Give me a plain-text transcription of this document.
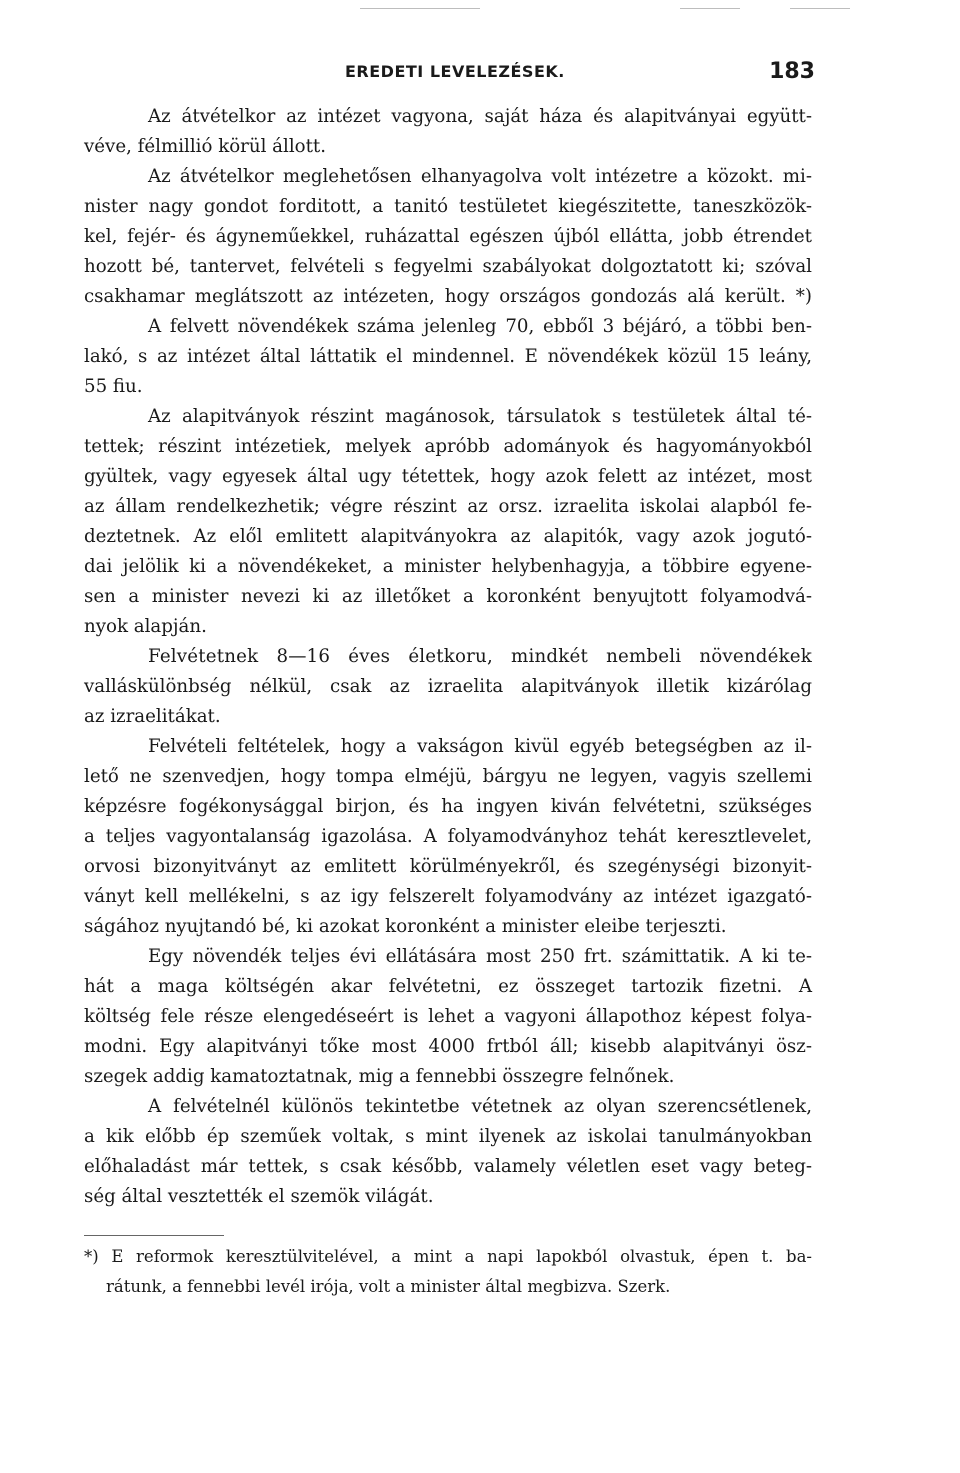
EREDETI LEVELEZÉSEK.	183
Az átvételkor az intézet vagyona, saját háza és alapitványai együtt-
véve, félmillió körül állott.
Az átvételkor meglehetősen elhanyagolva volt intézetre a közokt. mi-
nister nagy gondot forditott, a tanitó testületet kiegészitette, taneszközök-
kel, fejér- és ágyneműekkel, ruházattal egészen újból ellátta, jobb étrendet
hozott bé, tantervet, felvételi s fegyelmi szabályokat dolgoztatott ki; szóval
csakhamar meglátszott az intézeten, hogy országos gondozás alá került. *)
A felvett növendékek száma jelenleg 70, ebből 3 béjáró, a többi ben-
lakó, s az intézet által láttatik el mindennel. E növendékek közül 15 leány,
55 fiu.
Az alapitványok részint magánosok, társulatok s testületek által té-
tettek; részint intézetiek, melyek apróbb adományok és hagyományokból
gyültek, vagy egyesek által ugy tétettek, hogy azok felett az intézet, most
az állam rendelkezhetik; végre részint az orsz. izraelita iskolai alapból fe-
deztetnek. Az elől emlitett alapitványokra az alapitók, vagy azok jogutó-
dai jelölik ki a növendékeket, a minister helybenhagyja, a többire egyene-
sen a minister nevezi ki az illetőket a koronként benyujtott folyamodvá-
nyok alapján.
Felvétetnek 8—16 éves életkoru, mindkét nembeli növendékek
valláskülönbség nélkül, csak az izraelita alapitványok illetik kizárólag
az izraelitákat.
Felvételi feltételek, hogy a vakságon kivül egyéb betegségben az il-
lető ne szenvedjen, hogy tompa elméjü, bárgyu ne legyen, vagyis szellemi
képzésre fogékonysággal birjon, és ha ingyen kiván felvétetni, szükséges
a teljes vagyontalanság igazolása. A folyamodványhoz tehát keresztlevelet,
orvosi bizonyitványt az emlitett körülményekről, és szegénységi bizonyit-
ványt kell mellékelni, s az igy felszerelt folyamodvány az intézet igazgató-
ságához nyujtandó bé, ki azokat koronként a minister eleibe terjeszti.
Egy növendék teljes évi ellátására most 250 frt. számittatik. A ki te-
hát a maga költségén akar felvétetni, ez összeget tartozik fizetni. A
költség fele része elengedéseért is lehet a vagyoni állapothoz képest folya-
modni. Egy alapitványi tőke most 4000 frtból áll; kisebb alapitványi ösz-
szegek addig kamatoztatnak, mig a fennebbi összegre felnőnek.
A felvételnél különös tekintetbe vétetnek az olyan szerencsétlenek,
a kik előbb ép szeműek voltak, s mint ilyenek az iskolai tanulmányokban
előhaladást már tettek, s csak később, valamely véletlen eset vagy beteg-
ség által vesztették el szemök világát.
*) E reformok keresztülvitelével, a mint a napi lapokból olvastuk, épen t. ba-
rátunk, a fennebbi levél irója, volt a minister által megbizva. Szerk.
